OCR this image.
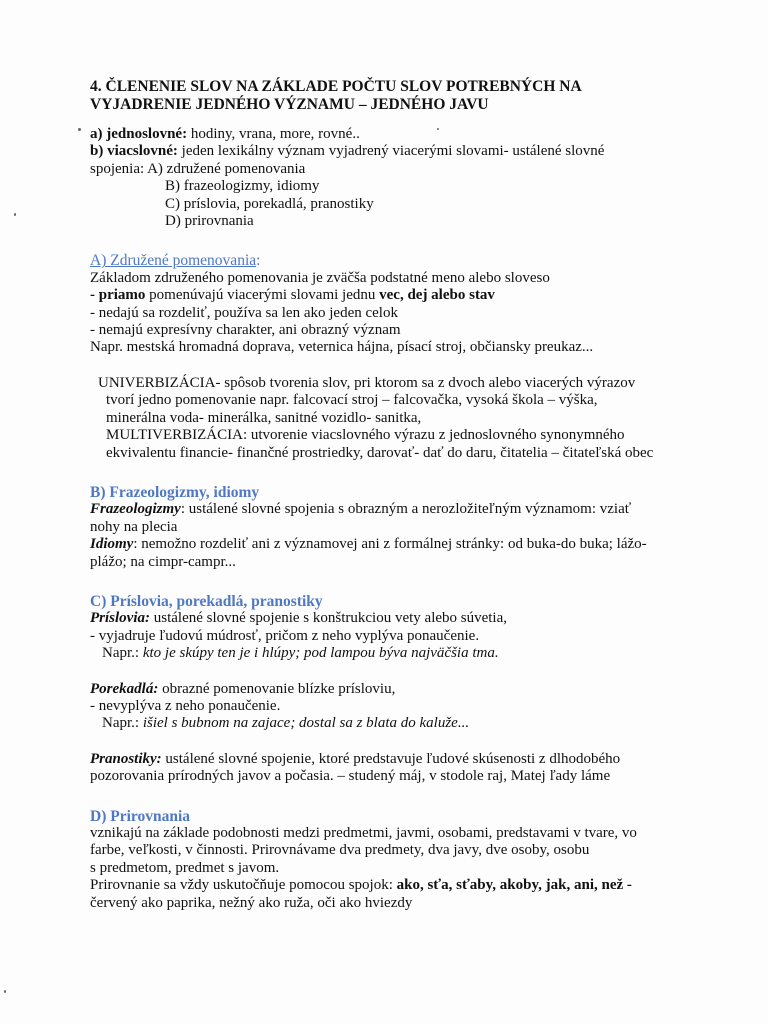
4. ČLENENIE SLOV NA ZÁKLADE POČTU SLOV POTREBNÝCH NA
VYJADRENIE JEDNÉHO VÝZNAMU – JEDNÉHO JAVU

a) jednoslovné: hodiny, vrana, more, rovné..

b) viacslovné: jeden lexikálny význam vyjadrený viacerými slovami- ustálené slovné

spojenia: A) združené pomenovania

B) frazeologizmy, idiomy

C) príslovia, porekadlá, pranostiky

D) prirovnania

A) Združené pomenovania:

Základom združeného pomenovania je zväčša podstatné meno alebo sloveso

- priamo pomenúvajú viacerými slovami jednu vec, dej alebo stav

- nedajú sa rozdeliť, používa sa len ako jeden celok

- nemajú expresívny charakter, ani obrazný význam

Napr. mestská hromadná doprava, veternica hájna, písací stroj, občiansky preukaz...

UNIVERBIZÁCIA- spôsob tvorenia slov, pri ktorom sa z dvoch alebo viacerých výrazov

tvorí jedno pomenovanie napr. falcovací stroj – falcovačka, vysoká škola – výška,

minerálna voda- minerálka, sanitné vozidlo- sanitka,

MULTIVERBIZÁCIA: utvorenie viacslovného výrazu z jednoslovného synonymného

ekvivalentu financie- finančné prostriedky, darovať- dať do daru, čitatelia – čitateľská obec

B) Frazeologizmy, idiomy

Frazeologizmy: ustálené slovné spojenia s obrazným a nerozložiteľným významom: vziať

nohy na plecia

Idiomy: nemožno rozdeliť ani z významovej ani z formálnej stránky: od buka-do buka; lážo-

plážo; na cimpr-campr...

C) Príslovia, porekadlá, pranostiky

Príslovia: ustálené slovné spojenie s konštrukciou vety alebo súvetia,

- vyjadruje ľudovú múdrosť, pričom z neho vyplýva ponaučenie.

Napr.: kto je skúpy ten je i hlúpy; pod lampou býva najväčšia tma.

Porekadlá: obrazné pomenovanie blízke prísloviu,

- nevyplýva z neho ponaučenie.

Napr.: išiel s bubnom na zajace; dostal sa z blata do kaluže...

Pranostiky: ustálené slovné spojenie, ktoré predstavuje ľudové skúsenosti z dlhodobého

pozorovania prírodných javov a počasia. – studený máj, v stodole raj, Matej ľady láme

D) Prirovnania

vznikajú na základe podobnosti medzi predmetmi, javmi, osobami, predstavami v tvare, vo

farbe, veľkosti, v činnosti. Prirovnávame dva predmety, dva javy, dve osoby, osobu

s predmetom, predmet s javom.

Prirovnanie sa vždy uskutočňuje pomocou spojok: ako, sťa, sťaby, akoby, jak, ani, než -

červený ako paprika, nežný ako ruža, oči ako hviezdy
